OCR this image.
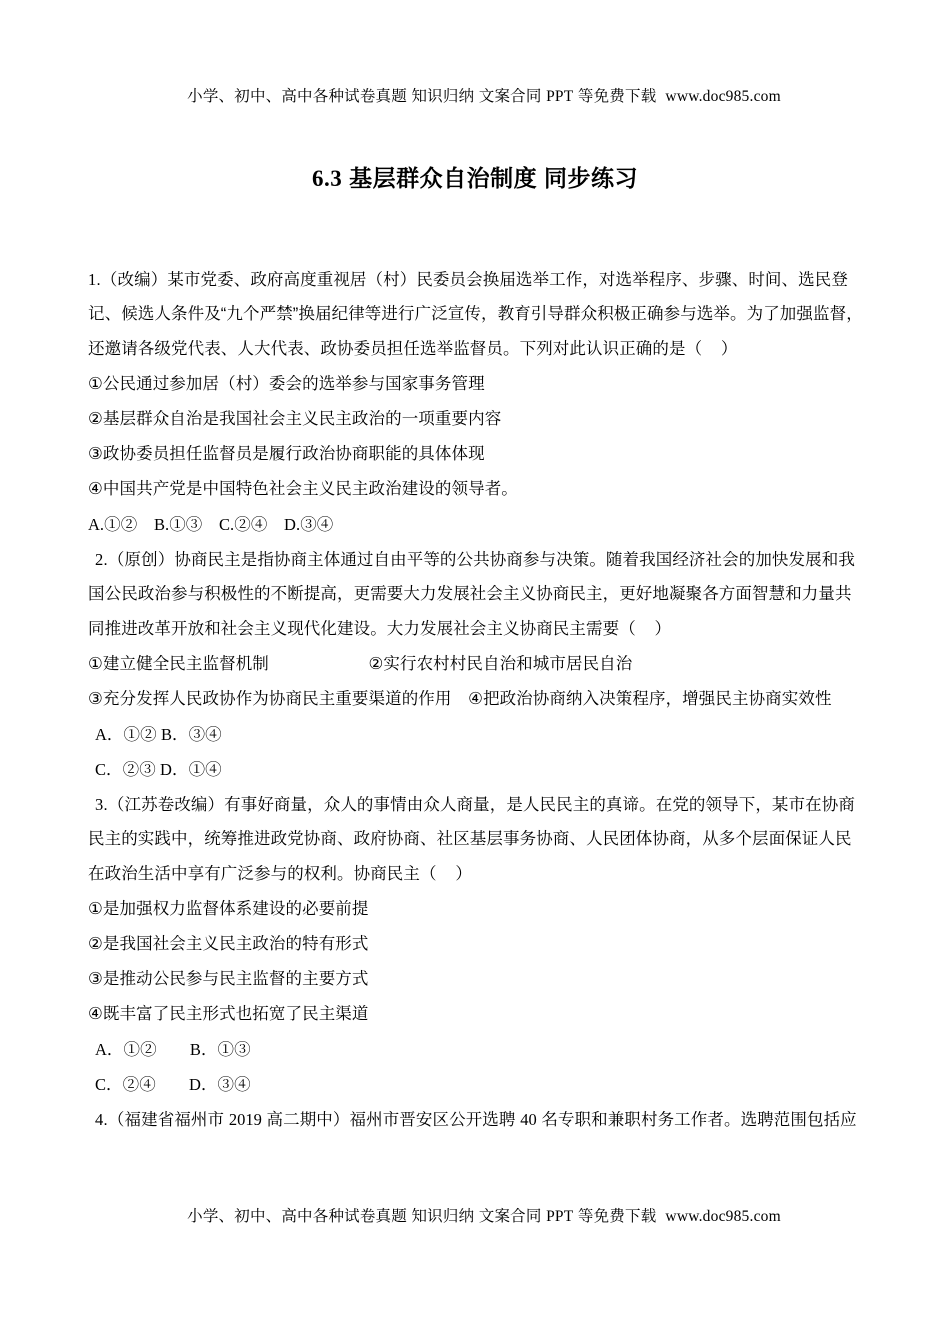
小学、初中、高中各种试卷真题 知识归纳 文案合同 PPT 等免费下载  www.doc985.com

6.3 基层群众自治制度 同步练习
1.（改编）某市党委、政府高度重视居（村）民委员会换届选举工作，对选举程序、步骤、时间、选民登
记、候选人条件及“九个严禁”换届纪律等进行广泛宣传，教育引导群众积极正确参与选举。为了加强监督，
还邀请各级党代表、人大代表、政协委员担任选举监督员。下列对此认识正确的是（    ）
①公民通过参加居（村）委会的选举参与国家事务管理
②基层群众自治是我国社会主义民主政治的一项重要内容
③政协委员担任监督员是履行政治协商职能的具体体现
④中国共产党是中国特色社会主义民主政治建设的领导者。
A.①②　B.①③　C.②④　D.③④
2.（原创）协商民主是指协商主体通过自由平等的公共协商参与决策。随着我国经济社会的加快发展和我
国公民政治参与积极性的不断提高，更需要大力发展社会主义协商民主，更好地凝聚各方面智慧和力量共
同推进改革开放和社会主义现代化建设。大力发展社会主义协商民主需要（    ）
①建立健全民主监督机制　　　　　　②实行农村村民自治和城市居民自治
③充分发挥人民政协作为协商民主重要渠道的作用　④把政治协商纳入决策程序，增强民主协商实效性
A．①② B．③④
C．②③ D．①④
3.（江苏卷改编）有事好商量，众人的事情由众人商量，是人民民主的真谛。在党的领导下，某市在协商
民主的实践中，统筹推进政党协商、政府协商、社区基层事务协商、人民团体协商，从多个层面保证人民
在政治生活中享有广泛参与的权利。协商民主（    ）
①是加强权力监督体系建设的必要前提
②是我国社会主义民主政治的特有形式
③是推动公民参与民主监督的主要方式
④既丰富了民主形式也拓宽了民主渠道
A．①②　　B．①③
C．②④　　D．③④
4.（福建省福州市 2019 高二期中）福州市晋安区公开选聘 40 名专职和兼职村务工作者。选聘范围包括应

小学、初中、高中各种试卷真题 知识归纳 文案合同 PPT 等免费下载  www.doc985.com
